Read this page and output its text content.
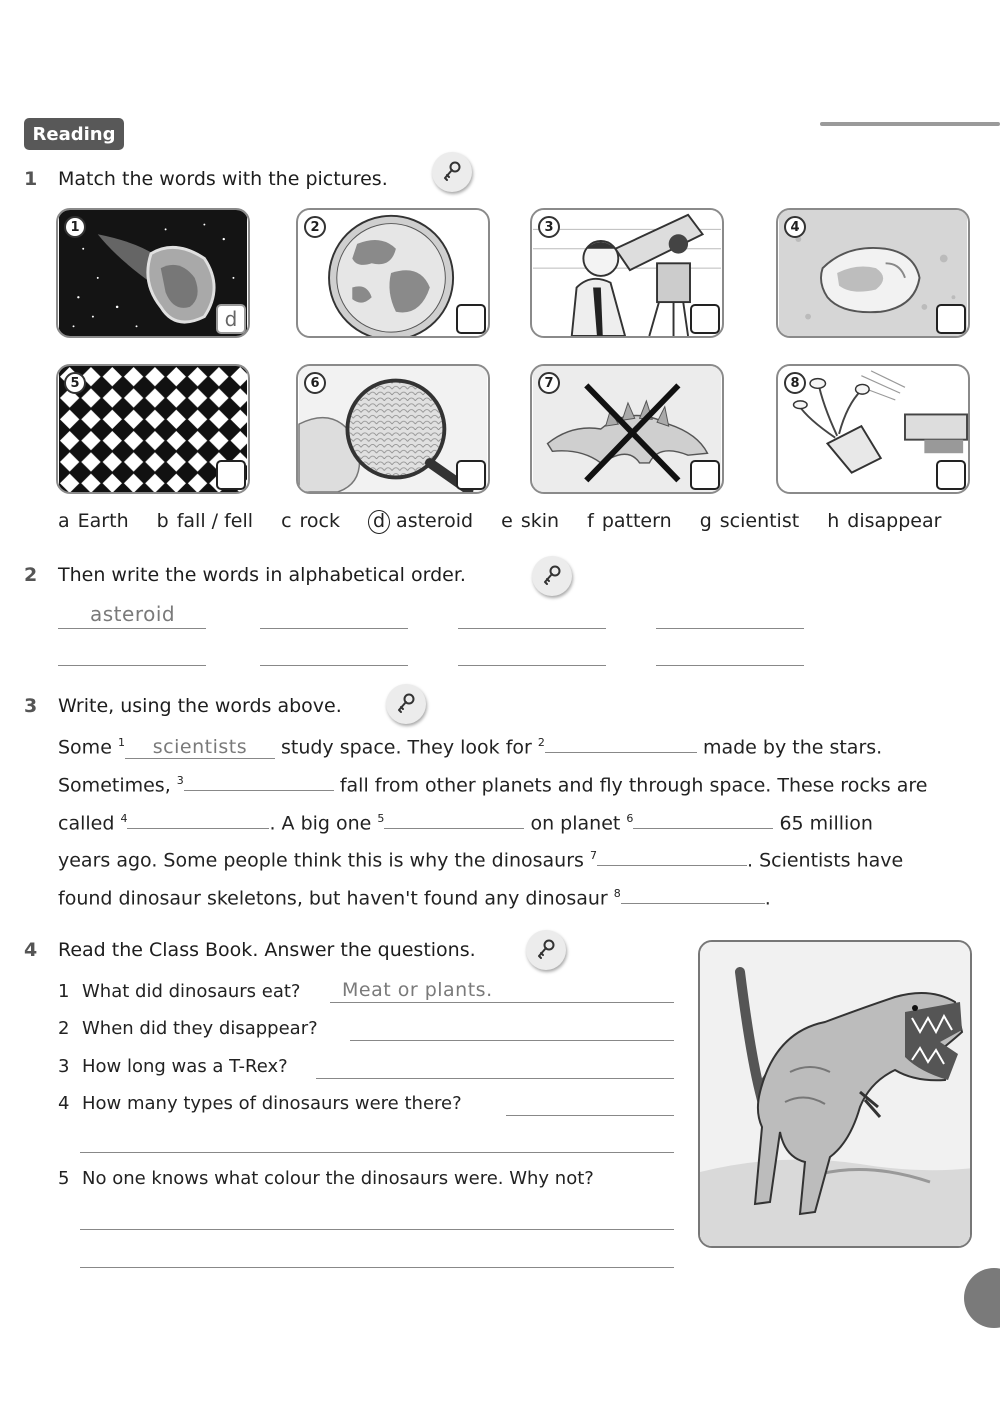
Reading
1 Match the words with the pictures.
1
d
2	3	4
5	6	7	8
a Earth b fall / fell c rock d asteroid e skin f pattern g scientist h disappear
2 Then write the words in alphabetical order.
asteroid
3 Write, using the words above.
Some $^1$ scientists study space. They look for $^2$	made by the stars.
Sometimes, $^3$	fall from other planets and fly through space. These rocks are
called $^4$	. A big one $^5$	on planet $^6$	65 million
years ago. Some people think this is why the dinosaurs $^7$	. Scientists have
found dinosaur skeletons, but haven't found any dinosaur $^8$	.
4 Read the Class Book. Answer the questions.
1 What did dinosaurs eat? Meat or plants.
2 When did they disappear?
3 How long was a T-Rex?
4 How many types of dinosaurs were there?
5 No one knows what colour the dinosaurs were. Why not?
